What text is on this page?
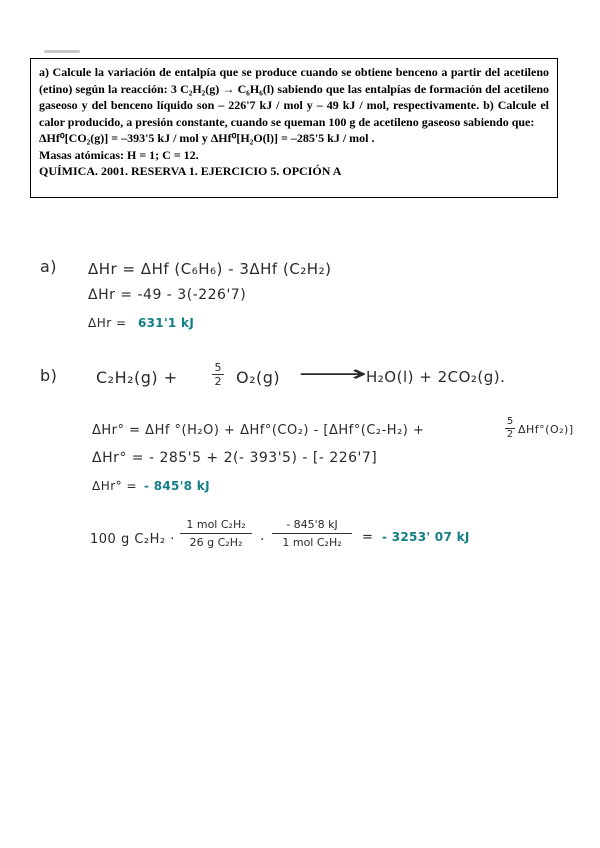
a) Calcule la variación de entalpía que se produce cuando se obtiene benceno a partir del acetileno (etino) según la reacción: 3 C₂H₂(g) → C₆H₆(l) sabiendo que las entalpías de formación del acetileno gaseoso y del benceno líquido son – 226'7 kJ / mol y – 49 kJ / mol, respectivamente. b) Calcule el calor producido, a presión constante, cuando se queman 100 g de acetileno gaseoso sabiendo que:

ΔHf⁰[CO₂(g)] = –393'5 kJ / mol y ΔHf⁰[H₂O(l)] = –285'5 kJ / mol .

Masas atómicas: H = 1; C = 12.

QUÍMICA. 2001. RESERVA 1. EJERCICIO 5. OPCIÓN A

a) ΔHr = ΔHf (C₆H₆) - 3ΔHf (C₂H₂)
ΔHr = -49 - 3(-226'7)
ΔHr = 631'1 kJ
b) C₂H₂(g) +
5
2 O₂(g) ⟶
H₂O(l) + 2CO₂(g).
ΔHr° = ΔHf °(H₂O) + ΔHf°(CO₂) - [ΔHf°(C₂-H₂) +
5
2 ΔHf°(O₂)]
ΔHr° = - 285'5 + 2(- 393'5) - [- 226'7]
ΔHr° = - 845'8 kJ
100 g C₂H₂ ·
1 mol C₂H₂
26 g C₂H₂	·
- 845'8 kJ
1 mol C₂H₂	= - 3253' 07 kJ
